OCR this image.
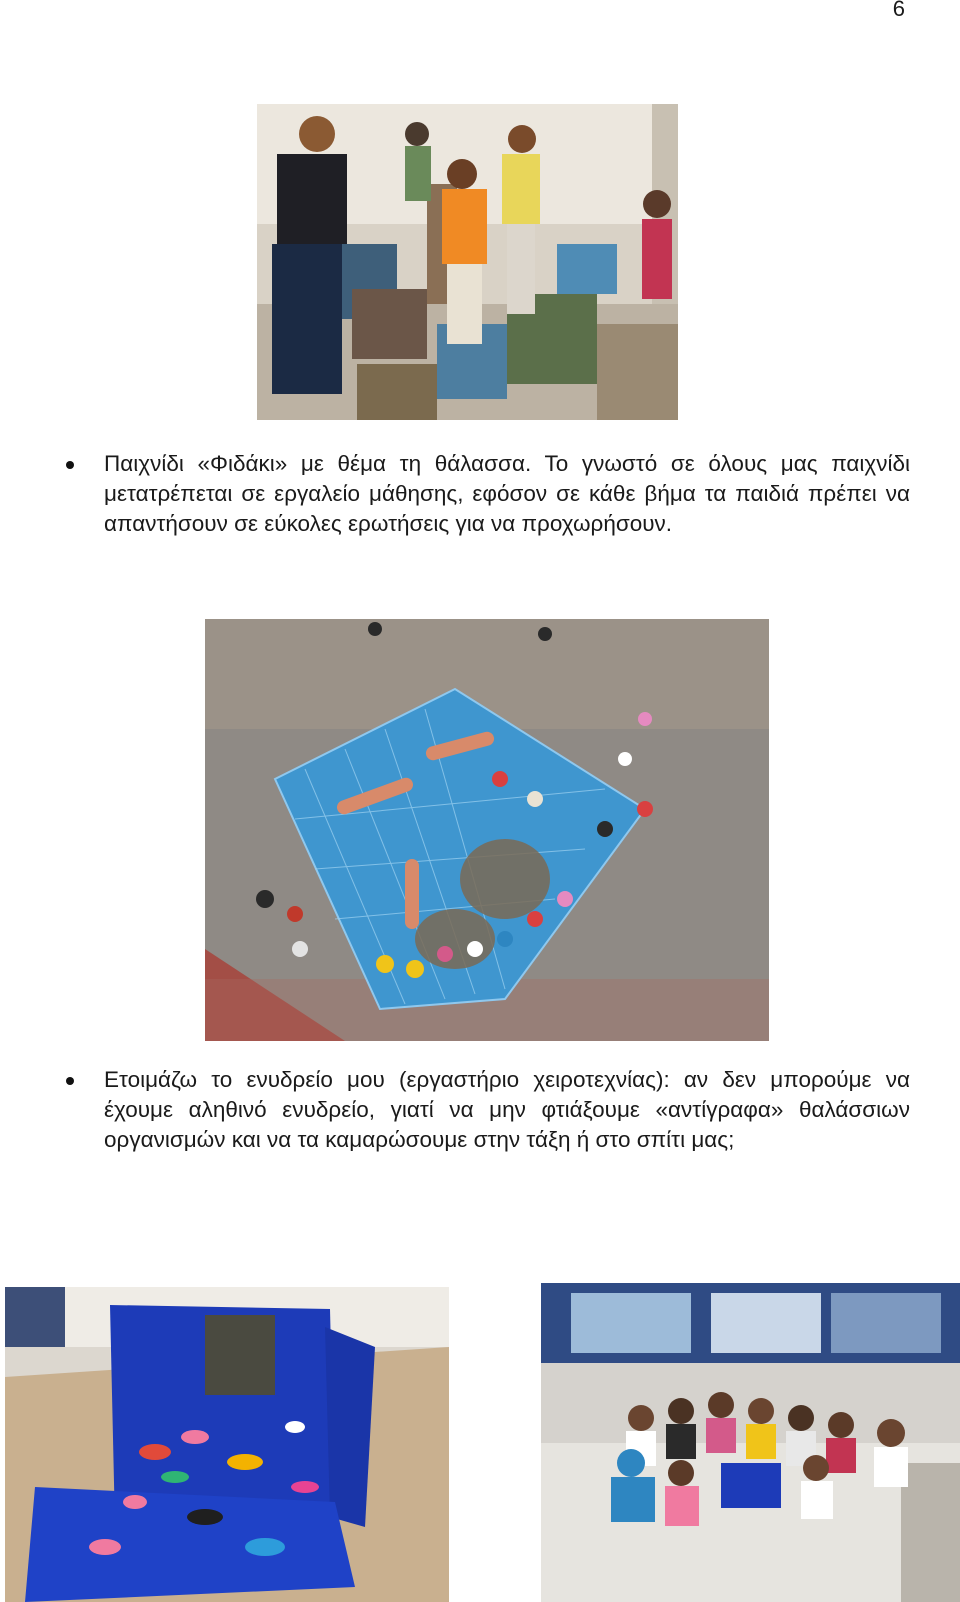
6
Παιχνίδι «Φιδάκι» με θέμα τη θάλασσα. Το γνωστό σε όλους μας παιχνίδι μετατρέπεται σε εργαλείο μάθησης, εφόσον σε κάθε βήμα τα παιδιά πρέπει να απαντήσουν σε εύκολες ερωτήσεις για να προχωρήσουν.
Ετοιμάζω το ενυδρείο μου (εργαστήριο χειροτεχνίας): αν δεν μπορούμε να έχουμε αληθινό ενυδρείο, γιατί να μην φτιάξουμε «αντίγραφα» θαλάσσιων οργανισμών και να τα καμαρώσουμε στην τάξη ή στο σπίτι μας;
